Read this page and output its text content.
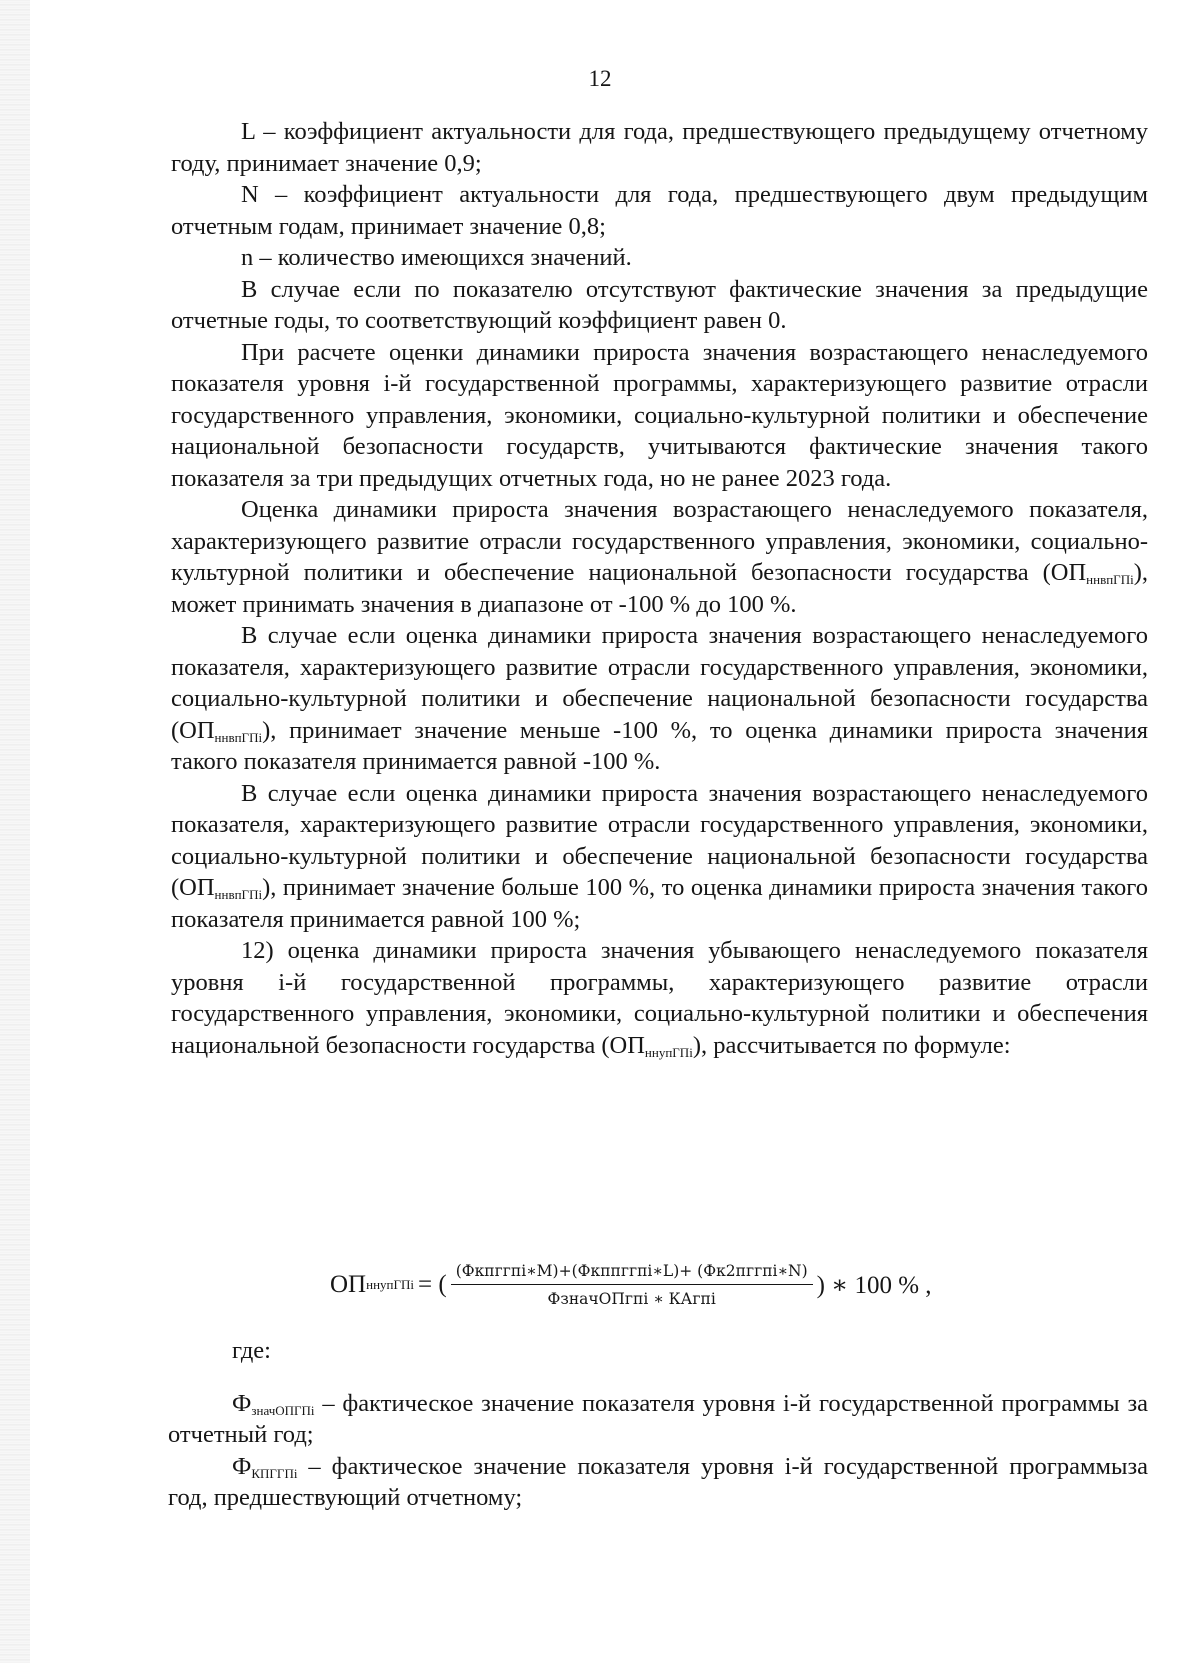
12

L – коэффициент актуальности для года, предшествующего предыдущему отчетному году, принимает значение 0,9;

N – коэффициент актуальности для года, предшествующего двум предыдущим отчетным годам, принимает значение 0,8;

n – количество имеющихся значений.

В случае если по показателю отсутствуют фактические значения за предыдущие отчетные годы, то соответствующий коэффициент равен 0.

При расчете оценки динамики прироста значения возрастающего ненаследуемого показателя уровня i-й государственной программы, характеризующего развитие отрасли государственного управления, экономики, социально-культурной политики и обеспечение национальной безопасности государств, учитываются фактические значения такого показателя за три предыдущих отчетных года, но не ранее 2023 года.

Оценка динамики прироста значения возрастающего ненаследуемого показателя, характеризующего развитие отрасли государственного управления, экономики, социально-культурной политики и обеспечение национальной безопасности государства $(ОП_{ннвпГПi})$, может принимать значения в диапазоне от -100 % до 100 %.

В случае если оценка динамики прироста значения возрастающего ненаследуемого показателя, характеризующего развитие отрасли государственного управления, экономики, социально-культурной политики и обеспечение национальной безопасности государства $(ОП_{ннвпГПi})$, принимает значение меньше -100 %, то оценка динамики прироста значения такого показателя принимается равной -100 %.

В случае если оценка динамики прироста значения возрастающего ненаследуемого показателя, характеризующего развитие отрасли государственного управления, экономики, социально-культурной политики и обеспечение национальной безопасности государства $(ОП_{ннвпГПi})$, принимает значение больше 100 %, то оценка динамики прироста значения такого показателя принимается равной 100 %;

12) оценка динамики прироста значения убывающего ненаследуемого показателя уровня i-й государственной программы, характеризующего развитие отрасли государственного управления, экономики, социально-культурной политики и обеспечения национальной безопасности государства $(ОП_{ннупГПi})$, рассчитывается по формуле:

ОП ннупГПi = ( $\frac{\text{(Фкпггпi∗M)+(Фкппггпi∗L)+ (Фк2пггпi∗N)}}{\text{ФзначОПгпi ∗ КАгпi}}$ ) ∗ 100 % ,

где:

$Ф_{значОПГПi}$ – фактическое значение показателя уровня i-й государственной программы за отчетный год;

$Ф_{КПГГПi}$ – фактическое значение показателя уровня i-й государственной программыза год, предшествующий отчетному;
